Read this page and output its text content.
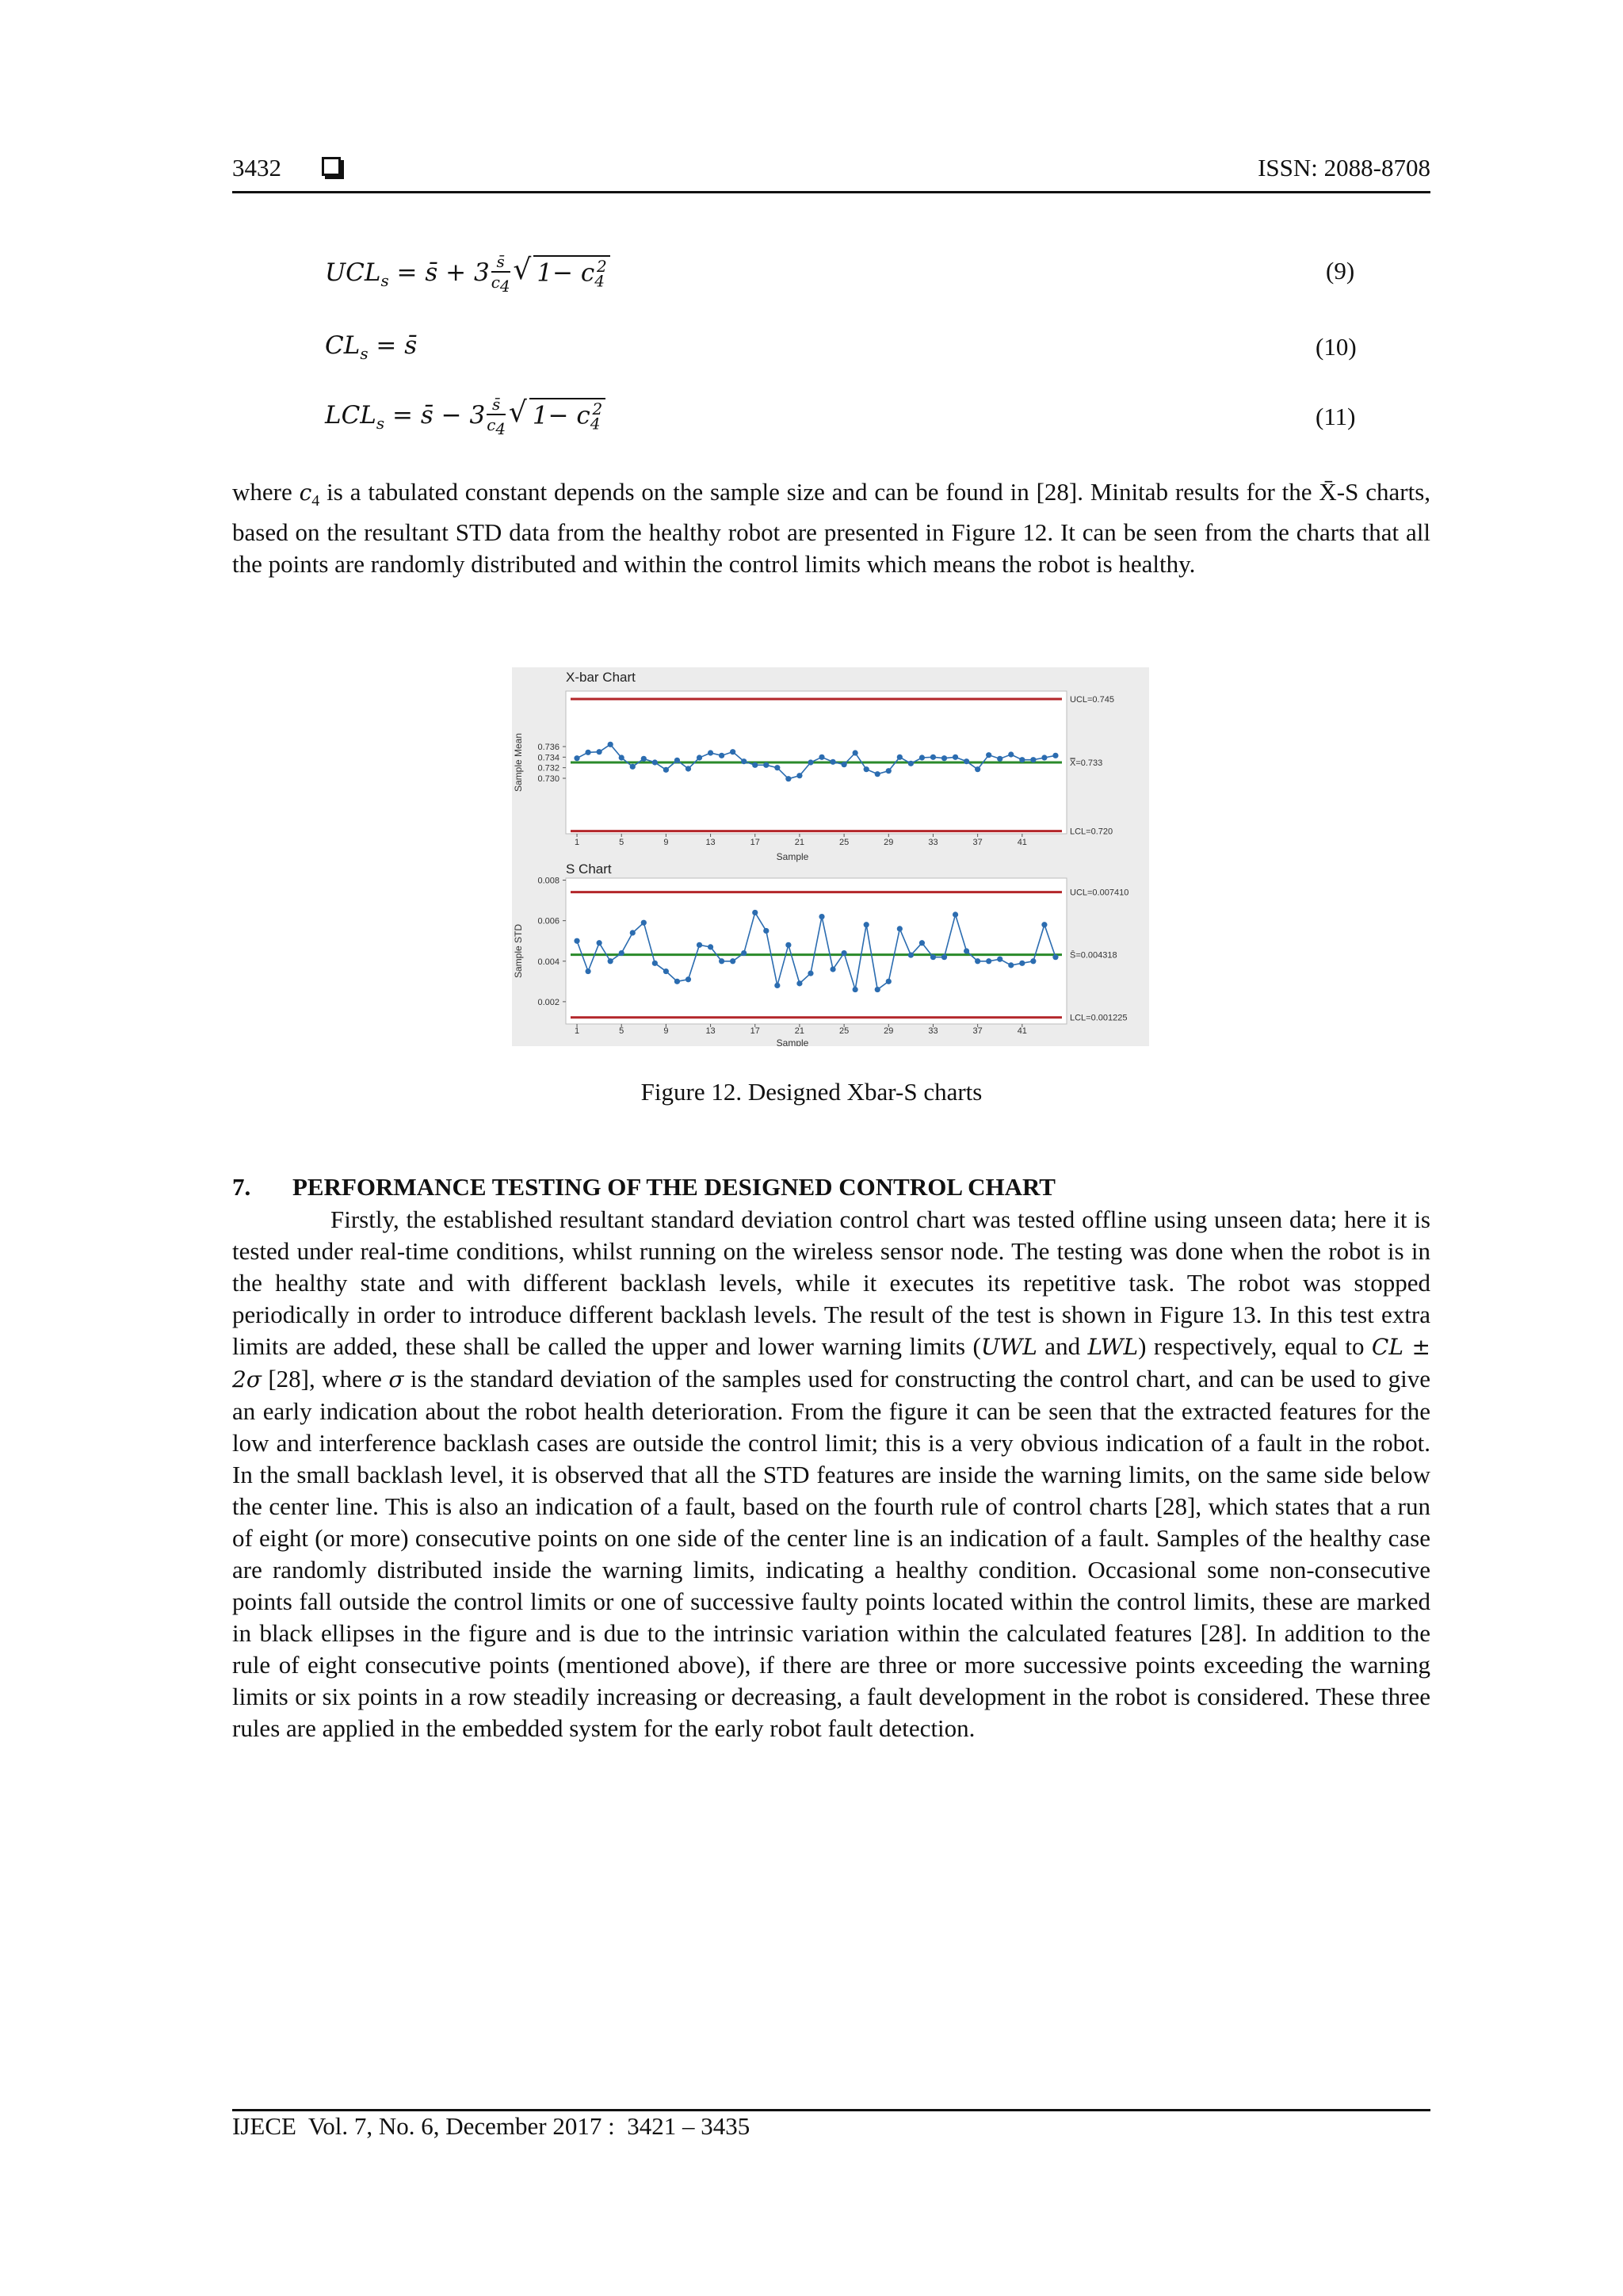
3432	ISSN: 2088-8708
$UCL_s$ = s̄ + $3 \frac{s̄}{c_4}$ √ $1- c_4^2$	(9)
$CL_s$ = s̄	(10)
$LCL_s$ = s̄ − $3 \frac{s̄}{c_4}$ √ $1- c_4^2$	(11)

where $c_4$ is a tabulated constant depends on the sample size and can be found in [28]. Minitab results for the X̄-S charts, based on the resultant STD data from the healthy robot are presented in Figure 12. It can be seen from the charts that all the points are randomly distributed and within the control limits which means the robot is healthy.

X-bar Chart
UCL=0.745
X̿=0.733
LCL=0.720
0.736
0.734
0.732
0.730
1	5	9	13	17	21	25	29	33	37	41
Sample
Sample Mean
S Chart
UCL=0.007410
S̄=0.004318
LCL=0.001225
0.008
0.006
0.004
0.002
1	5	9	13	17	21	25	29	33	37	41
Sample
Sample STD
Figure 12. Designed Xbar-S charts
7. PERFORMANCE TESTING OF THE DESIGNED CONTROL CHART

Firstly, the established resultant standard deviation control chart was tested offline using unseen data; here it is tested under real-time conditions, whilst running on the wireless sensor node. The testing was done when the robot is in the healthy state and with different backlash levels, while it executes its repetitive task. The robot was stopped periodically in order to introduce different backlash levels. The result of the test is shown in Figure 13. In this test extra limits are added, these shall be called the upper and lower warning limits (UWL and LWL) respectively, equal to CL ± 2σ [28], where σ is the standard deviation of the samples used for constructing the control chart, and can be used to give an early indication about the robot health deterioration. From the figure it can be seen that the extracted features for the low and interference backlash cases are outside the control limit; this is a very obvious indication of a fault in the robot. In the small backlash level, it is observed that all the STD features are inside the warning limits, on the same side below the center line. This is also an indication of a fault, based on the fourth rule of control charts [28], which states that a run of eight (or more) consecutive points on one side of the center line is an indication of a fault. Samples of the healthy case are randomly distributed inside the warning limits, indicating a healthy condition. Occasional some non-consecutive points fall outside the control limits or one of successive faulty points located within the control limits, these are marked in black ellipses in the figure and is due to the intrinsic variation within the calculated features [28]. In addition to the rule of eight consecutive points (mentioned above), if there are three or more successive points exceeding the warning limits or six points in a row steadily increasing or decreasing, a fault development in the robot is considered. These three rules are applied in the embedded system for the early robot fault detection.

IJECE  Vol. 7, No. 6, December 2017 :  3421 – 3435
